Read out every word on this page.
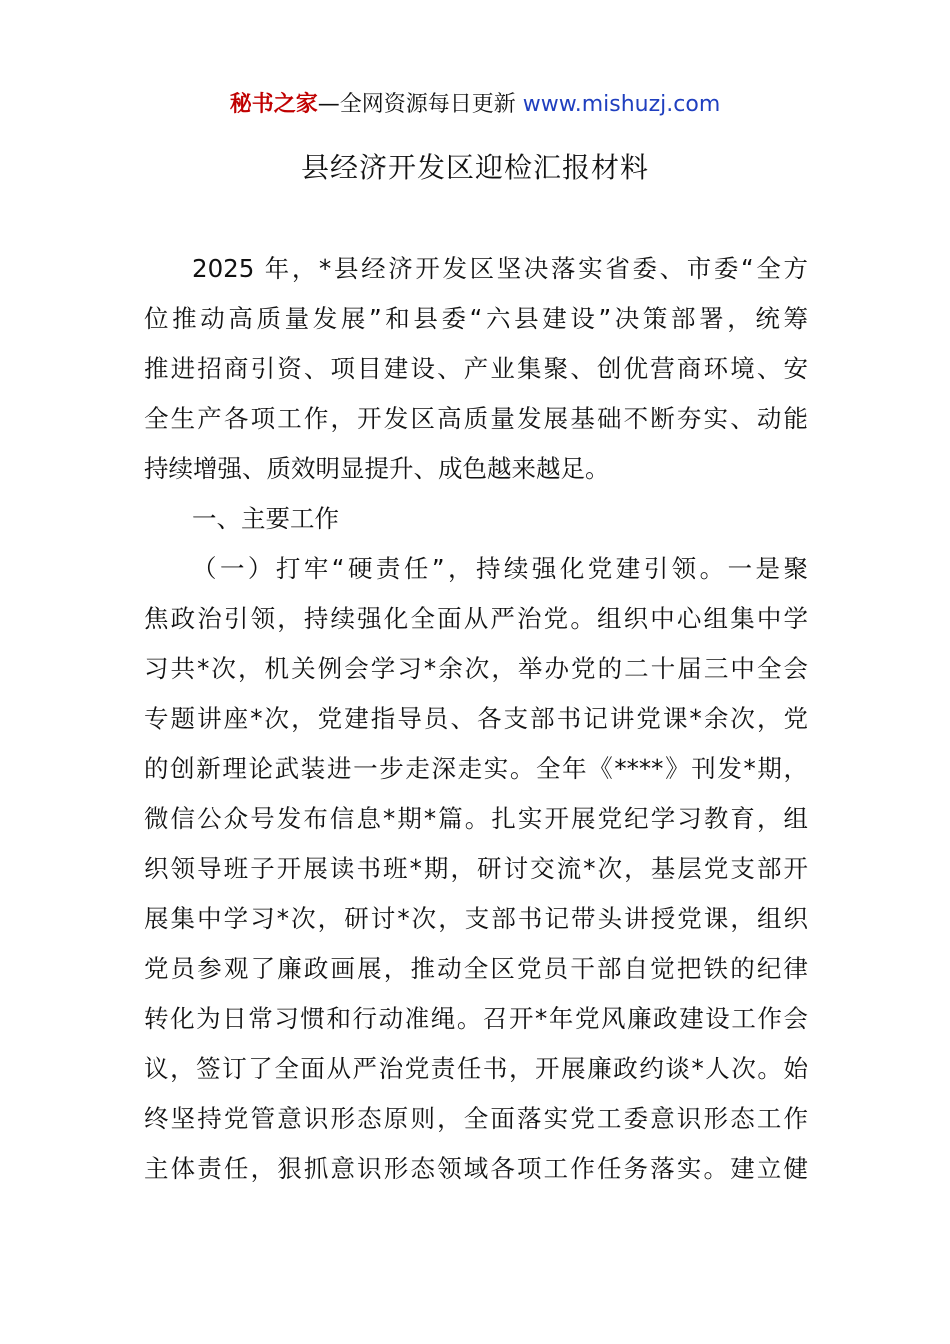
秘书之家—全网资源每日更新 www.mishuzj.com
县经济开发区迎检汇报材料
2025 年，*县经济开发区坚决落实省委、市委“全方
位推动高质量发展”和县委“六县建设”决策部署，统筹
推进招商引资、项目建设、产业集聚、创优营商环境、安
全生产各项工作，开发区高质量发展基础不断夯实、动能
持续增强、质效明显提升、成色越来越足。
一、主要工作
（一）打牢“硬责任”，持续强化党建引领。一是聚
焦政治引领，持续强化全面从严治党。组织中心组集中学
习共*次，机关例会学习*余次，举办党的二十届三中全会
专题讲座*次，党建指导员、各支部书记讲党课*余次，党
的创新理论武装进一步走深走实。全年《****》刊发*期，
微信公众号发布信息*期*篇。扎实开展党纪学习教育，组
织领导班子开展读书班*期，研讨交流*次，基层党支部开
展集中学习*次，研讨*次，支部书记带头讲授党课，组织
党员参观了廉政画展，推动全区党员干部自觉把铁的纪律
转化为日常习惯和行动准绳。召开*年党风廉政建设工作会
议，签订了全面从严治党责任书，开展廉政约谈*人次。始
终坚持党管意识形态原则，全面落实党工委意识形态工作
主体责任，狠抓意识形态领域各项工作任务落实。建立健
